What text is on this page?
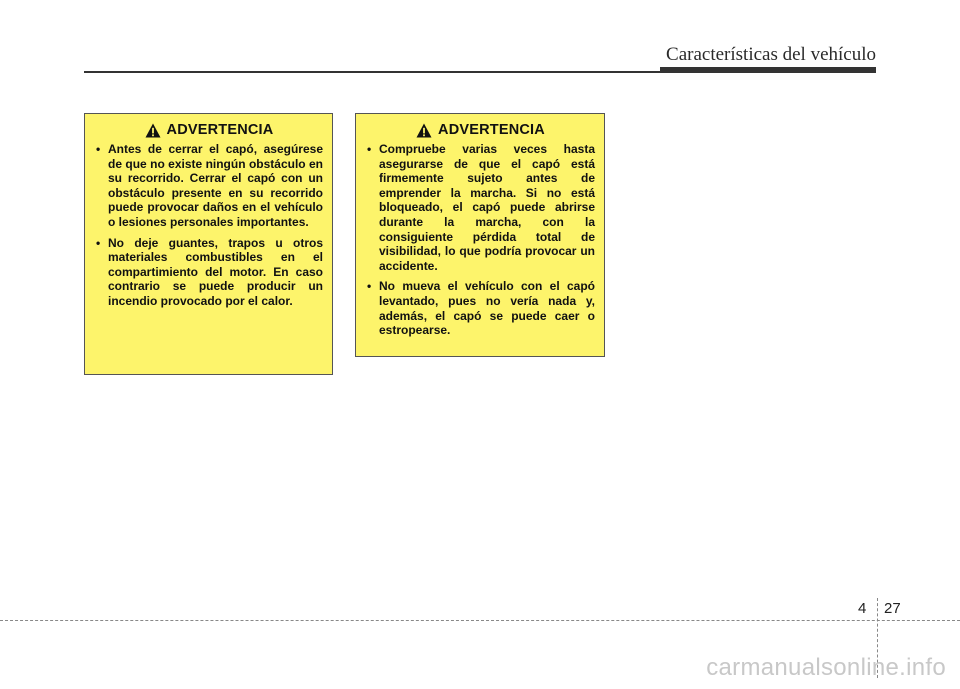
Características del vehículo
ADVERTENCIA
• Antes de cerrar el capó, asegúrese de que no existe ningún obstáculo en su recorrido. Cerrar el capó con un obstáculo presente en su recorrido puede provocar daños en el vehículo o lesiones personales importantes.
• No deje guantes, trapos u otros materiales combustibles en el compartimiento del motor. En caso contrario se puede producir un incendio provocado por el calor.
ADVERTENCIA
• Compruebe varias veces hasta asegurarse de que el capó está firmemente sujeto antes de emprender la marcha. Si no está bloqueado, el capó puede abrirse durante la marcha, con la consiguiente pérdida total de visibilidad, lo que podría provocar un accidente.
• No mueva el vehículo con el capó levantado, pues no vería nada y, además, el capó se puede caer o estropearse.
4 27
carmanualsonline.info
